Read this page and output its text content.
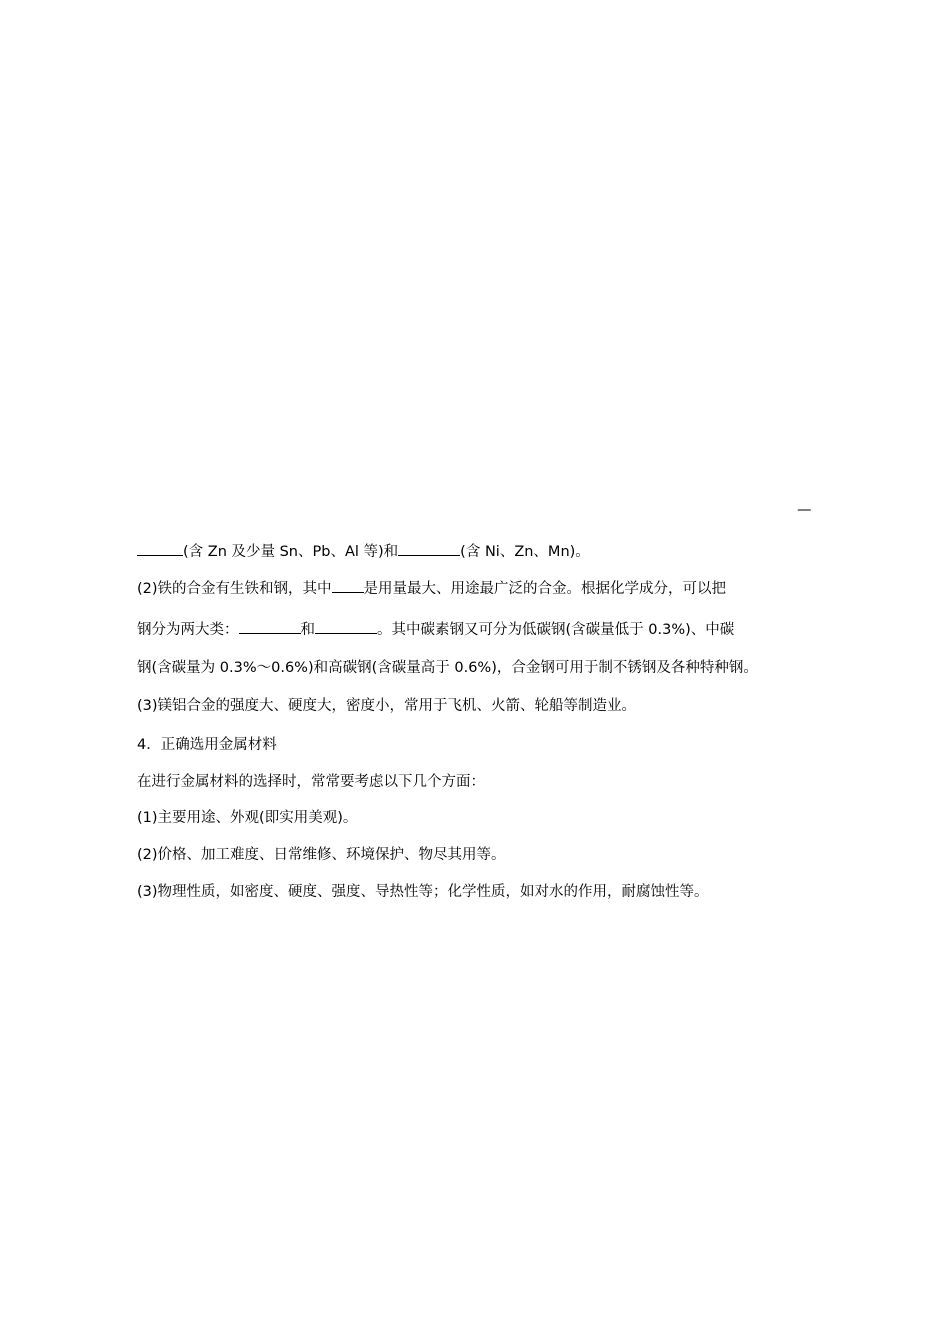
—
(含 Zn 及少量 Sn、Pb、Al 等)和	(含 Ni、Zn、Mn)。
(2)铁的合金有生铁和钢，其中 是用量最大、用途最广泛的合金。根据化学成分，可以把
钢分为两大类：	和	。其中碳素钢又可分为低碳钢(含碳量低于 0.3%)、中碳
钢(含碳量为 0.3%～0.6%)和高碳钢(含碳量高于 0.6%)，合金钢可用于制不锈钢及各种特种钢。
(3)镁铝合金的强度大、硬度大，密度小，常用于飞机、火箭、轮船等制造业。
4．正确选用金属材料
在进行金属材料的选择时，常常要考虑以下几个方面：
(1)主要用途、外观(即实用美观)。
(2)价格、加工难度、日常维修、环境保护、物尽其用等。
(3)物理性质，如密度、硬度、强度、导热性等；化学性质，如对水的作用，耐腐蚀性等。
